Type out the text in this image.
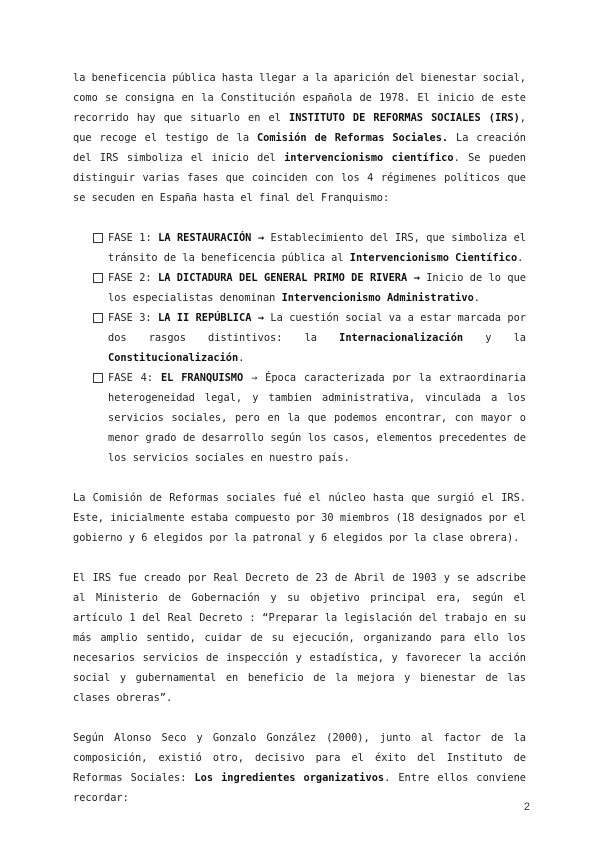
la beneficencia pública hasta llegar a la aparición del bienestar social, como se consigna en la Constitución española de 1978. El inicio de este recorrido hay que situarlo en el INSTITUTO DE REFORMAS SOCIALES (IRS), que recoge el testigo de la Comisión de Reformas Sociales. La creación del IRS simboliza el inicio del intervencionismo científico. Se pueden distinguir varias fases que coinciden con los 4 régimenes políticos que se secuden en España hasta el final del Franquismo:

FASE 1: LA RESTAURACIÓN → Establecimiento del IRS, que simboliza el tránsito de la beneficencia pública al Intervencionismo Científico.
FASE 2: LA DICTADURA DEL GENERAL PRIMO DE RIVERA → Inicio de lo que los especialistas denominan Intervencionismo Administrativo.
FASE 3: LA II REPÚBLICA → La cuestión social va a estar marcada por dos rasgos distintivos: la Internacionalización y la Constitucionalización.
FASE 4: EL FRANQUISMO → Época caracterizada por la extraordinaria heterogeneidad legal, y tambien administrativa, vinculada a los servicios sociales, pero en la que podemos encontrar, con mayor o menor grado de desarrollo según los casos, elementos precedentes de los servicios sociales en nuestro país.

La Comisión de Reformas sociales fué el núcleo hasta que surgió el IRS. Este, inicialmente estaba compuesto por 30 miembros (18 designados por el gobierno y 6 elegidos por la patronal y 6 elegidos por la clase obrera).

El IRS fue creado por Real Decreto de 23 de Abril de 1903 y se adscribe al Ministerio de Gobernación y su objetivo principal era, según el artículo 1 del Real Decreto : “Preparar la legislación del trabajo en su más amplio sentido, cuidar de su ejecución, organizando para ello los necesarios servicios de inspección y estadística, y favorecer la acción social y gubernamental en beneficio de la mejora y bienestar de las clases obreras”.

Según Alonso Seco y Gonzalo González (2000), junto al factor de la composición, existió otro, decisivo para el éxito del Instituto de Reformas Sociales: Los ingredientes organizativos. Entre ellos conviene recordar:

2
